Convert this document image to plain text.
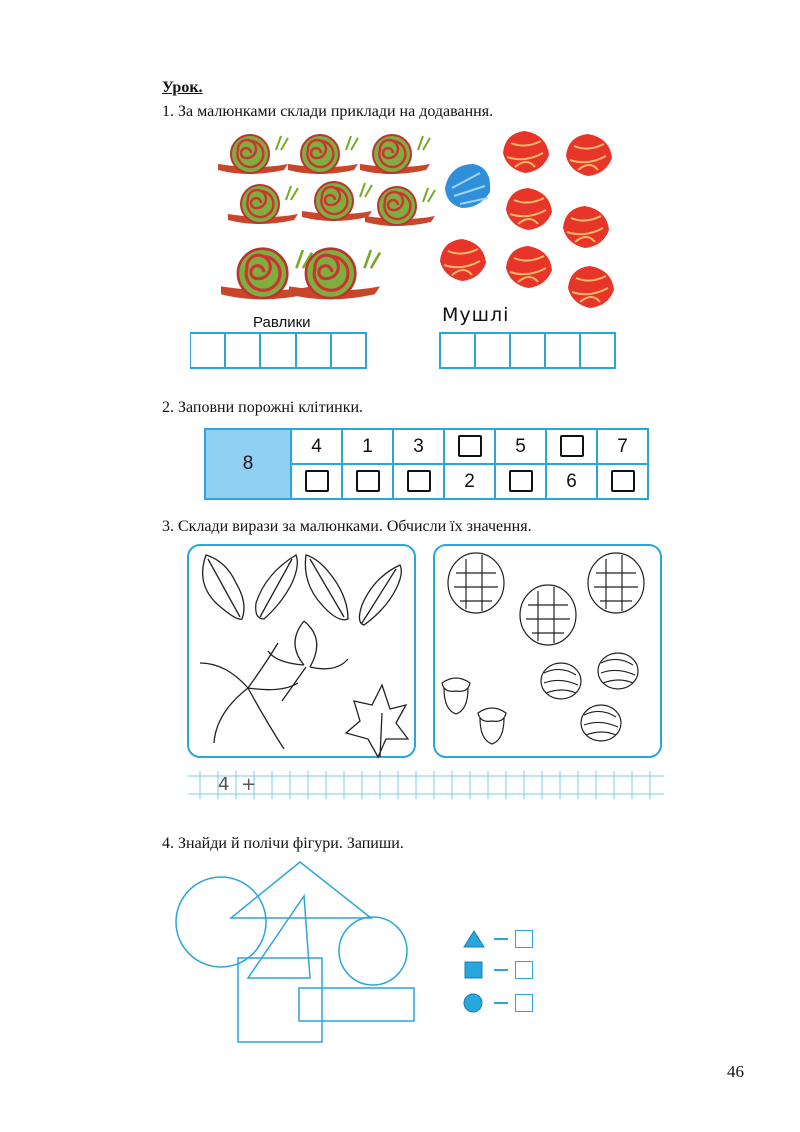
Урок.
1. За малюнками склади приклади на додавання.
Равлики	Мушлі
2. Заповни порожні клітинки.
8	4	1	3		5		7
				2		6	
3. Склади вирази за малюнками. Обчисли їх значення.
4 +
4. Знайди й полічи фігури. Запиши.
46
